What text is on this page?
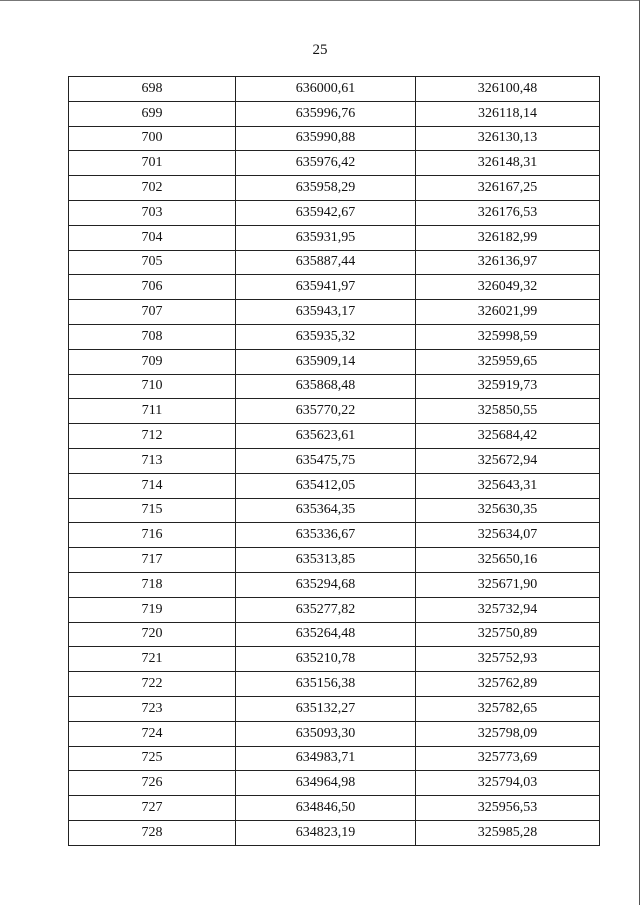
25
698	636000,61	326100,48
699	635996,76	326118,14
700	635990,88	326130,13
701	635976,42	326148,31
702	635958,29	326167,25
703	635942,67	326176,53
704	635931,95	326182,99
705	635887,44	326136,97
706	635941,97	326049,32
707	635943,17	326021,99
708	635935,32	325998,59
709	635909,14	325959,65
710	635868,48	325919,73
711	635770,22	325850,55
712	635623,61	325684,42
713	635475,75	325672,94
714	635412,05	325643,31
715	635364,35	325630,35
716	635336,67	325634,07
717	635313,85	325650,16
718	635294,68	325671,90
719	635277,82	325732,94
720	635264,48	325750,89
721	635210,78	325752,93
722	635156,38	325762,89
723	635132,27	325782,65
724	635093,30	325798,09
725	634983,71	325773,69
726	634964,98	325794,03
727	634846,50	325956,53
728	634823,19	325985,28
